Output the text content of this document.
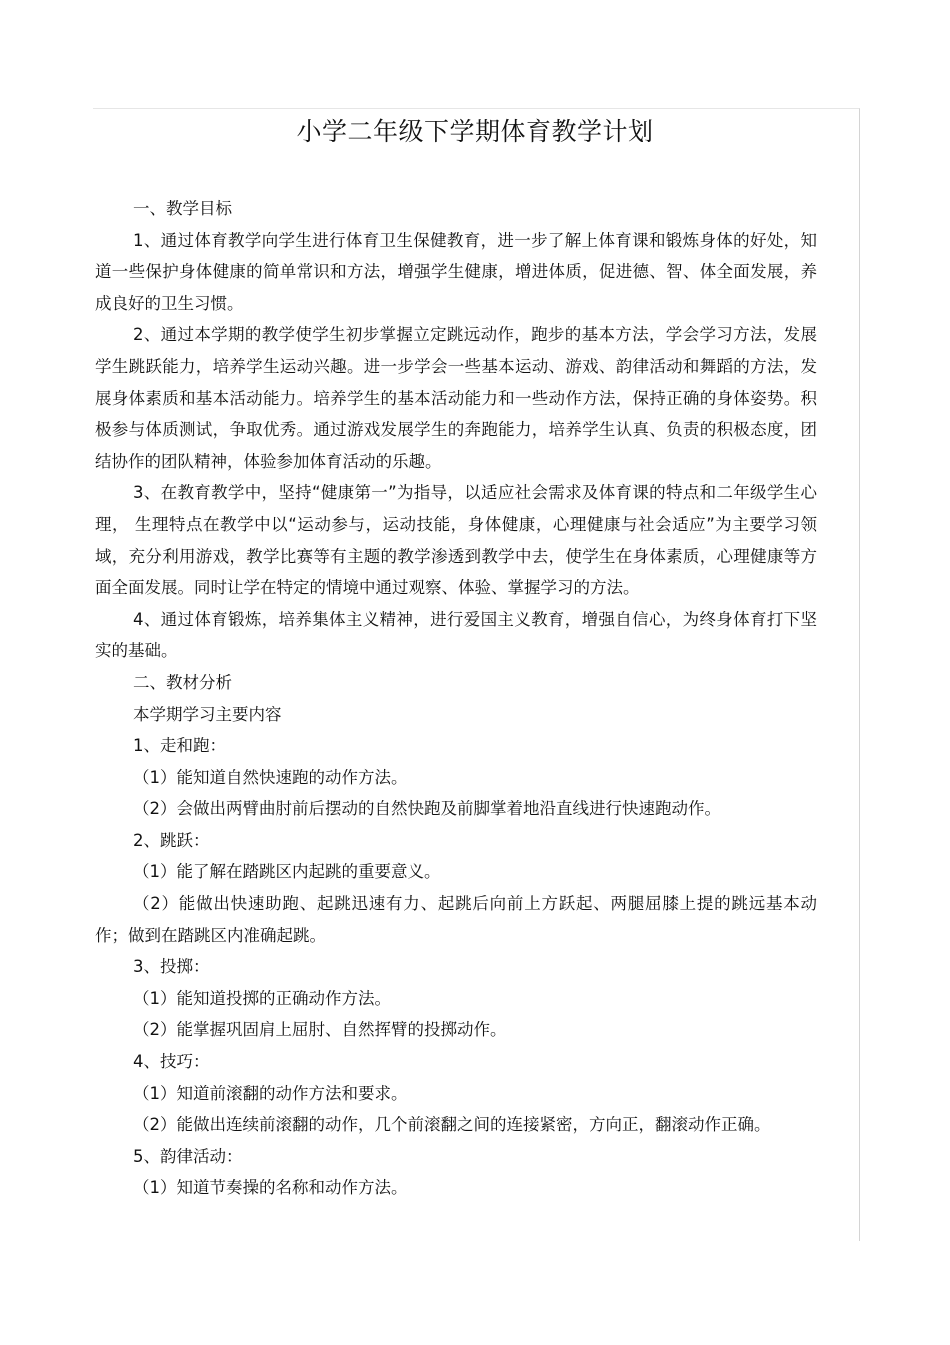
小学二年级下学期体育教学计划

一、教学目标

1、通过体育教学向学生进行体育卫生保健教育，进一步了解上体育课和锻炼身体的好处，知道一些保护身体健康的简单常识和方法，增强学生健康，增进体质，促进德、智、体全面发展，养成良好的卫生习惯。

2、通过本学期的教学使学生初步掌握立定跳远动作，跑步的基本方法，学会学习方法，发展学生跳跃能力，培养学生运动兴趣。进一步学会一些基本运动、游戏、韵律活动和舞蹈的方法，发展身体素质和基本活动能力。培养学生的基本活动能力和一些动作方法，保持正确的身体姿势。积极参与体质测试，争取优秀。通过游戏发展学生的奔跑能力，培养学生认真、负责的积极态度，团结协作的团队精神，体验参加体育活动的乐趣。

3、在教育教学中，坚持“健康第一”为指导，以适应社会需求及体育课的特点和二年级学生心理， 生理特点在教学中以“运动参与，运动技能，身体健康，心理健康与社会适应”为主要学习领域，充分利用游戏，教学比赛等有主题的教学渗透到教学中去，使学生在身体素质，心理健康等方面全面发展。同时让学在特定的情境中通过观察、体验、掌握学习的方法。

4、通过体育锻炼，培养集体主义精神，进行爱国主义教育，增强自信心，为终身体育打下坚实的基础。

二、教材分析

本学期学习主要内容

1、走和跑：

（1）能知道自然快速跑的动作方法。

（2）会做出两臂曲肘前后摆动的自然快跑及前脚掌着地沿直线进行快速跑动作。

2、跳跃：

（1）能了解在踏跳区内起跳的重要意义。

（2）能做出快速助跑、起跳迅速有力、起跳后向前上方跃起、两腿屈膝上提的跳远基本动作；做到在踏跳区内准确起跳。

3、投掷：

（1）能知道投掷的正确动作方法。

（2）能掌握巩固肩上屈肘、自然挥臂的投掷动作。

4、技巧：

（1）知道前滚翻的动作方法和要求。

（2）能做出连续前滚翻的动作，几个前滚翻之间的连接紧密，方向正，翻滚动作正确。

5、韵律活动：

（1）知道节奏操的名称和动作方法。
